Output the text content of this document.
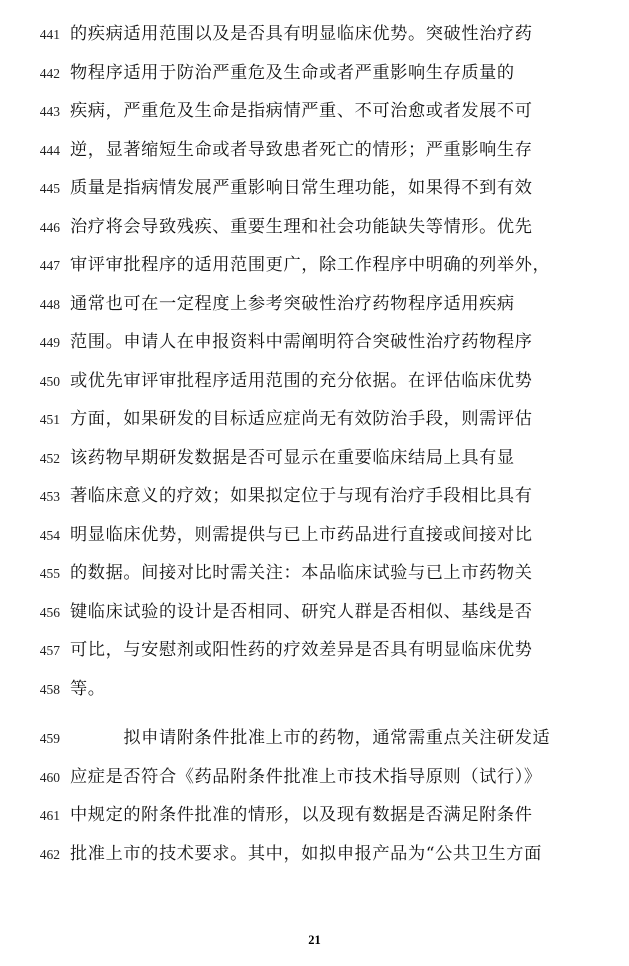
441 的疾病适用范围以及是否具有明显临床优势。突破性治疗药
442 物程序适用于防治严重危及生命或者严重影响生存质量的
443 疾病，严重危及生命是指病情严重、不可治愈或者发展不可
444 逆，显著缩短生命或者导致患者死亡的情形；严重影响生存
445 质量是指病情发展严重影响日常生理功能，如果得不到有效
446 治疗将会导致残疾、重要生理和社会功能缺失等情形。优先
447 审评审批程序的适用范围更广，除工作程序中明确的列举外，
448 通常也可在一定程度上参考突破性治疗药物程序适用疾病
449 范围。申请人在申报资料中需阐明符合突破性治疗药物程序
450 或优先审评审批程序适用范围的充分依据。在评估临床优势
451 方面，如果研发的目标适应症尚无有效防治手段，则需评估
452 该药物早期研发数据是否可显示在重要临床结局上具有显
453 著临床意义的疗效；如果拟定位于与现有治疗手段相比具有
454 明显临床优势，则需提供与已上市药品进行直接或间接对比
455 的数据。间接对比时需关注：本品临床试验与已上市药物关
456 键临床试验的设计是否相同、研究人群是否相似、基线是否
457 可比，与安慰剂或阳性药的疗效差异是否具有明显临床优势
458 等。
459 　　　拟申请附条件批准上市的药物，通常需重点关注研发适
460 应症是否符合《药品附条件批准上市技术指导原则（试行）》
461 中规定的附条件批准的情形，以及现有数据是否满足附条件
462 批准上市的技术要求。其中，如拟申报产品为“公共卫生方面
21
